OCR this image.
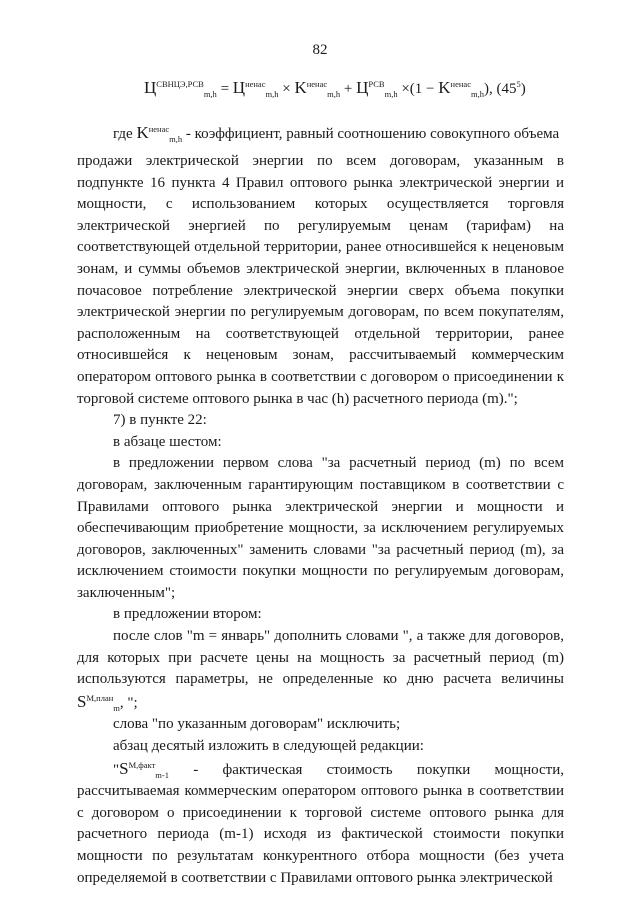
82
$Ц^{СВНЦЭ,РСВ}_{m,h} = Ц^{ненас}_{m,h} \times K^{ненас}_{m,h} + Ц^{РСВ}_{m,h} \times(1 - K^{ненас}_{m,h})$, $(45^5)$

где $K^{ненас}_{m,h}$ - коэффициент, равный соотношению совокупного объема

продажи электрической энергии по всем договорам, указанным в подпункте 16 пункта 4 Правил оптового рынка электрической энергии и мощности, с использованием которых осуществляется торговля электрической энергией по регулируемым ценам (тарифам) на соответствующей отдельной территории, ранее относившейся к неценовым зонам, и суммы объемов электрической энергии, включенных в плановое почасовое потребление электрической энергии сверх объема покупки электрической энергии по регулируемым договорам, по всем покупателям, расположенным на соответствующей отдельной территории, ранее относившейся к неценовым зонам, рассчитываемый коммерческим оператором оптового рынка в соответствии с договором о присоединении к торговой системе оптового рынка в час (h) расчетного периода (m).";

7) в пункте 22:

в абзаце шестом:

в предложении первом слова "за расчетный период (m) по всем договорам, заключенным гарантирующим поставщиком в соответствии с Правилами оптового рынка электрической энергии и мощности и обеспечивающим приобретение мощности, за исключением регулируемых договоров, заключенных" заменить словами "за расчетный период (m), за исключением стоимости покупки мощности по регулируемым договорам, заключенным";

в предложении втором:

после слов "m = январь" дополнить словами ", а также для договоров, для которых при расчете цены на мощность за расчетный период (m) используются параметры, не определенные ко дню расчета величины $S^{M,план}_m$, ";

слова "по указанным договорам" исключить;

абзац десятый изложить в следующей редакции:

"$S^{M,факт}_{m-1}$ - фактическая стоимость покупки мощности, рассчитываемая коммерческим оператором оптового рынка в соответствии с договором о присоединении к торговой системе оптового рынка для расчетного периода (m-1) исходя из фактической стоимости покупки мощности по результатам конкурентного отбора мощности (без учета определяемой в соответствии с Правилами оптового рынка электрической
